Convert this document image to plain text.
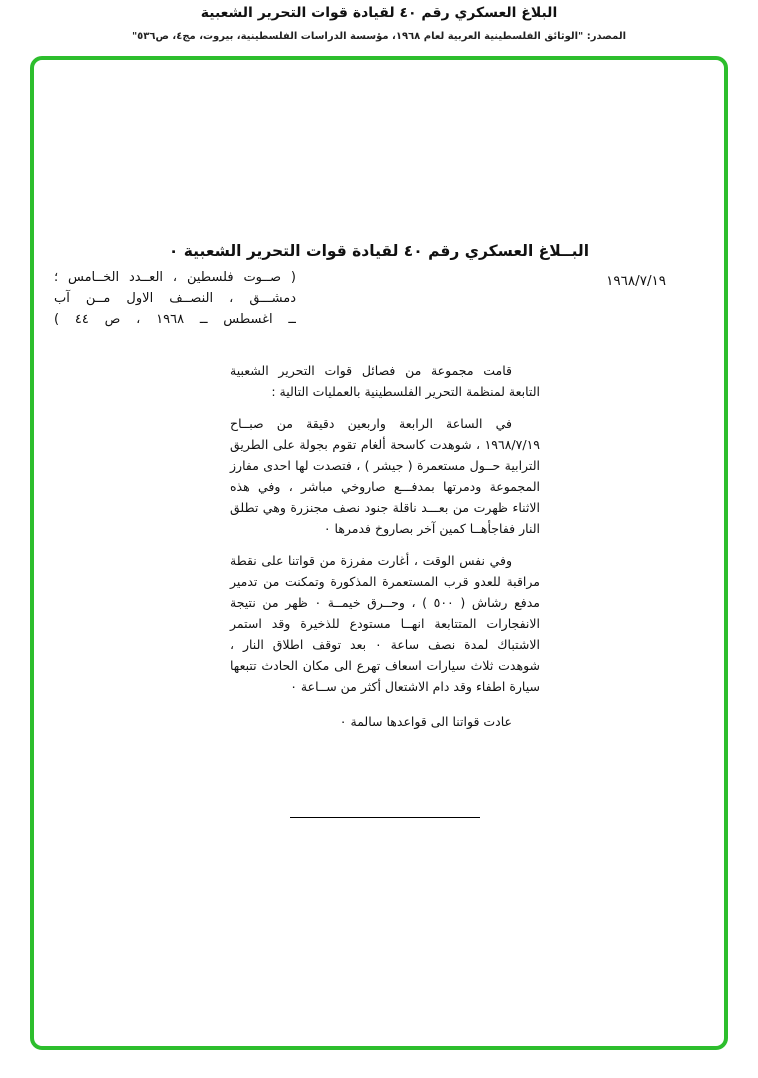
البلاغ العسكري رقم ٤٠ لقيادة قوات التحرير الشعبية
المصدر: "الوثائق الفلسطينية العربية لعام ١٩٦٨، مؤسسة الدراسات الفلسطينية، بيروت، مج٤، ص٥٣٦"
البــلاغ العسكري رقم ٤٠ لقيادة قوات التحرير الشعبية ٠
١٩٦٨/٧/١٩
( صــوت فلسطين ، العــدد الخــامس ؛
دمشـــق ، النصــف الاول مــن آب
ــ اغسطس ــ ١٩٦٨ ، ص ٤٤ )

قامت مجموعة من فصائل قوات التحرير الشعبية التابعة لمنظمة التحرير الفلسطينية بالعمليات التالية :

في الساعة الرابعة واربعين دقيقة من صبــاح ١٩٦٨/٧/١٩ ، شوهدت كاسحة ألغام تقوم بجولة على الطريق الترابية حــول مستعمرة ( جيشر ) ، فتصدت لها احدى مفارز المجموعة ودمرتها بمدفـــع صاروخي مباشر ، وفي هذه الاثناء ظهرت من بعـــد ناقلة جنود نصف مجنزرة وهي تطلق النار ففاجأهــا كمين آخر بصاروخ فدمرها ٠

وفي نفس الوقت ، أغارت مفرزة من قواتنا على نقطة مراقبة للعدو قرب المستعمرة المذكورة وتمكنت من تدمير مدفع رشاش ( ٥٠٠ ) ، وحــرق خيمــة ٠ ظهر من نتيجة الانفجارات المتتابعة انهــا مستودع للذخيرة وقد استمر الاشتباك لمدة نصف ساعة ٠ بعد توقف اطلاق النار ، شوهدت ثلاث سيارات اسعاف تهرع الى مكان الحادث تتبعها سيارة اطفاء وقد دام الاشتعال أكثر من ســاعة ٠

عادت قواتنا الى قواعدها سالمة ٠
